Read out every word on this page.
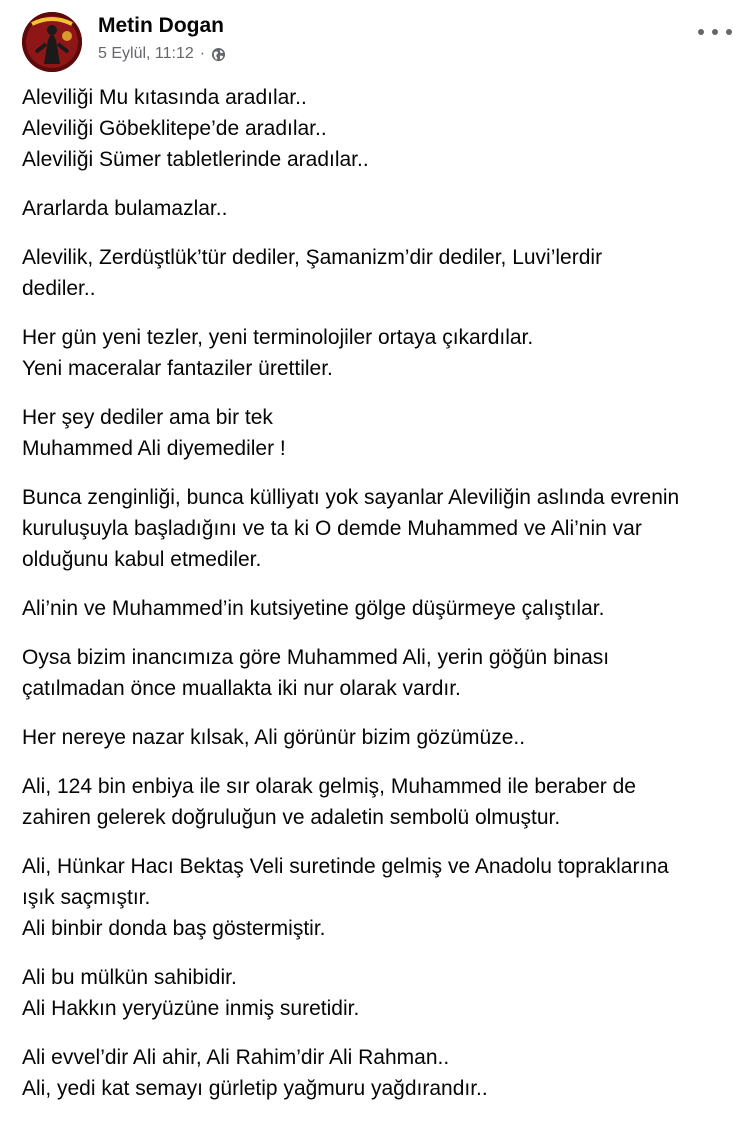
Metin Dogan
5 Eylül, 11:12 ·
Aleviliği Mu kıtasında aradılar..
Aleviliği Göbeklitepe’de aradılar..
Aleviliği Sümer tabletlerinde aradılar..
Ararlarda bulamazlar..
Alevilik, Zerdüştlük’tür dediler, Şamanizm’dir dediler, Luvi’lerdir
dediler..
Her gün yeni tezler, yeni terminolojiler ortaya çıkardılar.
Yeni maceralar fantaziler ürettiler.
Her şey dediler ama bir tek
Muhammed Ali diyemediler !
Bunca zenginliği, bunca külliyatı yok sayanlar Aleviliğin aslında evrenin
kuruluşuyla başladığını ve ta ki O demde Muhammed ve Ali’nin var
olduğunu kabul etmediler.
Ali’nin ve Muhammed’in kutsiyetine gölge düşürmeye çalıştılar.
Oysa bizim inancımıza göre Muhammed Ali, yerin göğün binası
çatılmadan önce muallakta iki nur olarak vardır.
Her nereye nazar kılsak, Ali görünür bizim gözümüze..
Ali, 124 bin enbiya ile sır olarak gelmiş, Muhammed ile beraber de
zahiren gelerek doğruluğun ve adaletin sembolü olmuştur.
Ali, Hünkar Hacı Bektaş Veli suretinde gelmiş ve Anadolu topraklarına
ışık saçmıştır.
Ali binbir donda baş göstermiştir.
Ali bu mülkün sahibidir.
Ali Hakkın yeryüzüne inmiş suretidir.
Ali evvel’dir Ali ahir, Ali Rahim’dir Ali Rahman..
Ali, yedi kat semayı gürletip yağmuru yağdırandır..
